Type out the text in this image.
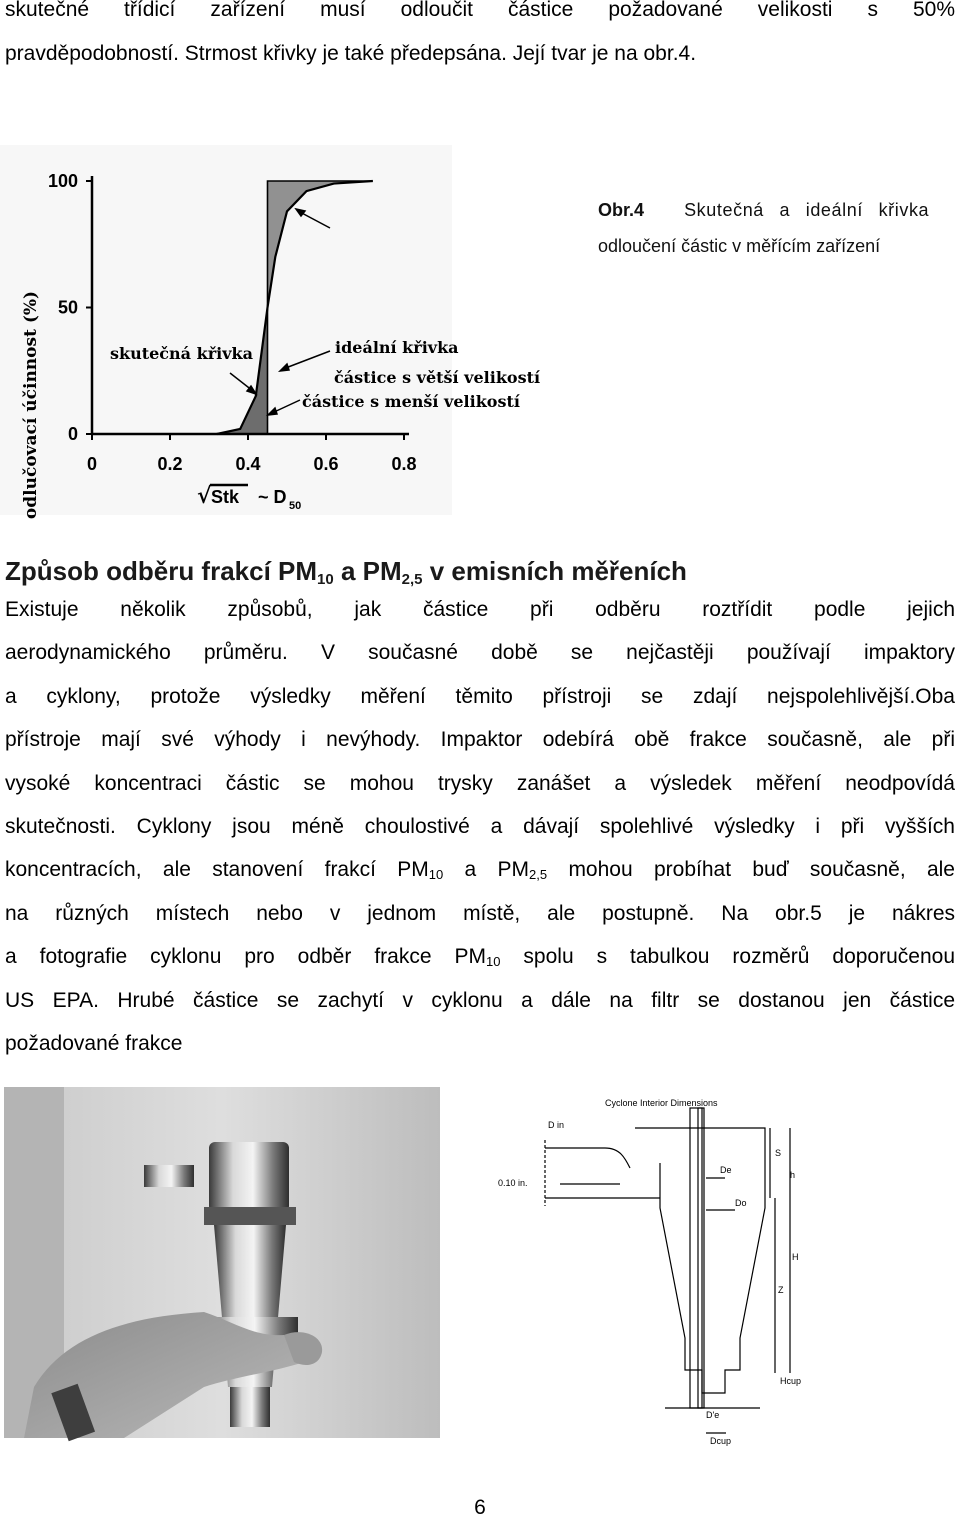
skutečné třídicí zařízení musí odloučit částice požadované velikosti s 50%
pravděpodobností. Strmost křivky je také předepsána. Její tvar je na obr.4.
0	0.2	0.4	0.6	0.8
0
50
100
odlučovací účinnost (%)	√ Stk ~ D 50
částice s větší velikostí
skutečná křivka	ideální křivka
částice s menší velikostí
Obr.4 Skutečná a ideální křivka
odloučení částic v měřícím zařízení
Způsob odběru frakcí $PM_{10}$ a $PM_{2,5}$ v emisních měřeních
Existuje několik způsobů, jak částice při odběru roztřídit podle jejich
aerodynamického průměru. V současné době se nejčastěji používají impaktory
a cyklony, protože výsledky měření těmito přístroji se zdají nejspolehlivější.Oba
přístroje mají své výhody i nevýhody. Impaktor odebírá obě frakce současně, ale při
vysoké koncentraci částic se mohou trysky zanášet a výsledek měření neodpovídá
skutečnosti. Cyklony jsou méně choulostivé a dávají spolehlivé výsledky i při vyšších
koncentracích, ale stanovení frakcí $PM_{10}$ a $PM_{2,5}$ mohou probíhat buď současně, ale
na různých místech nebo v jednom místě, ale postupně. Na obr.5 je nákres
a fotografie cyklonu pro odběr frakce $PM_{10}$ spolu s tabulkou rozměrů doporučenou
US EPA. Hrubé částice se zachytí v cyklonu a dále na filtr se dostanou jen částice
požadované frakce
Cyclone Interior Dimensions
D in
0.10 in.
De
Do
S
h
H
Z
Hcup
D'e
Dcup
6
